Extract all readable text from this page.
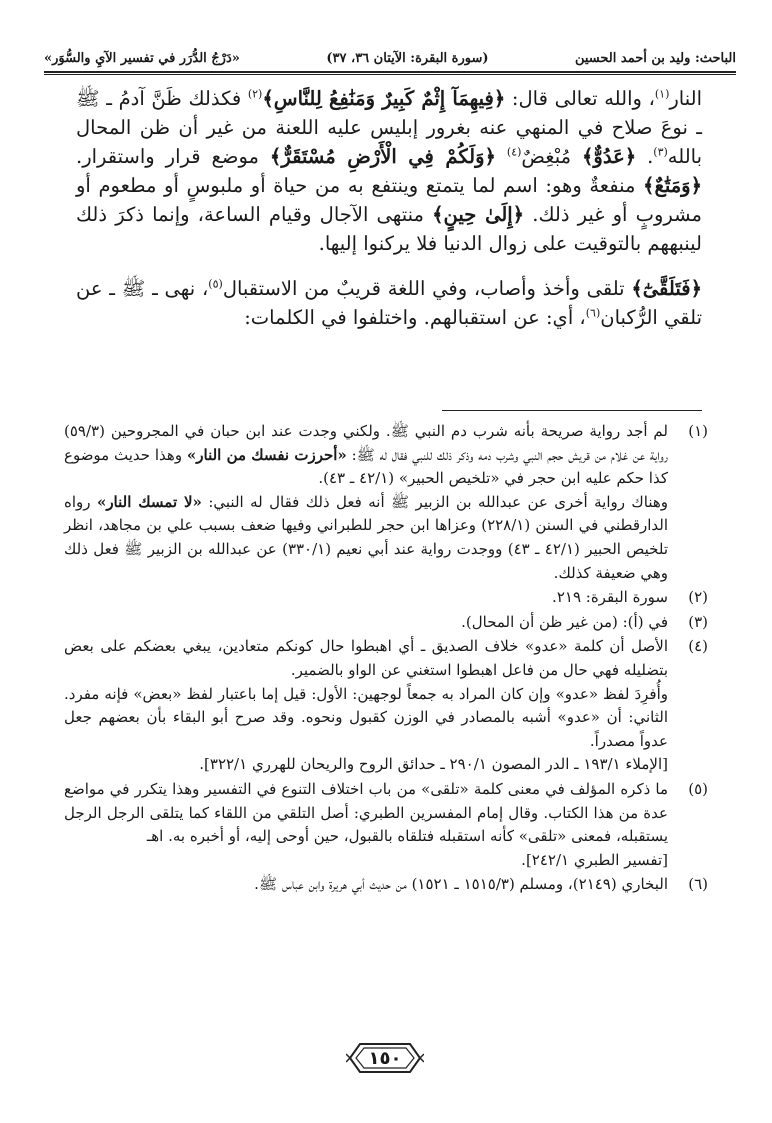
الباحث: وليد بن أحمد الحسين
(سورة البقرة: الآيتان ٣٦، ٣٧)
«دَرْجُ الدُّرَر في تفسير الآيِ والسُّوَر»

النار$^{(١)}$، والله تعالى قال: ﴿فِيهِمَآ إِثْمٌ كَبِيرٌ وَمَنَٰفِعُ لِلنَّاسِ﴾$^{(٢)}$ فكذلك ظَنَّ آدمُ ـ ﷺ ـ نوعَ صلاح في المنهي عنه بغرور إبليس عليه اللعنة من غير أن ظن المحال بالله$^{(٣)}$. ﴿عَدُوٌّ﴾ مُبْغِضٌ$^{(٤)}$ ﴿وَلَكُمْ فِي الْأَرْضِ مُسْتَقَرٌّ﴾ موضع قرار واستقرار. ﴿وَمَتَٰعٌ﴾ منفعةٌ وهو: اسم لما يتمتع وينتفع به من حياة أو ملبوسٍ أو مطعوم أو مشروبٍ أو غير ذلك. ﴿إِلَىٰ حِينٍ﴾ منتهى الآجال وقيام الساعة، وإنما ذكرَ ذلك لينبههم بالتوقيت على زوال الدنيا فلا يركنوا إليها.

﴿فَتَلَقَّىٰٓ﴾ تلقى وأخذ وأصاب، وفي اللغة قريبٌ من الاستقبال$^{(٥)}$، نهى ـ ﷺ ـ عن تلقي الرُّكبان$^{(٦)}$، أي: عن استقبالهم. واختلفوا في الكلمات:

(١)

لم أجد رواية صريحة بأنه شرب دم النبي ﷺ. ولكني وجدت عند ابن حبان في المجروحين (٥٩/٣) رواية عن غلام من قريش حجم النبي وشرب دمه وذكر ذلك للنبي فقال له ﷺ: «أحرزت نفسك من النار» وهذا حديث موضوع كذا حكم عليه ابن حجر في «تلخيص الحبير» (٤٢/١ ـ ٤٣).

وهناك رواية أخرى عن عبدالله بن الزبير ﷺ أنه فعل ذلك فقال له النبي: «لا تمسك النار» رواه الدارقطني في السنن (٢٢٨/١) وعزاها ابن حجر للطبراني وفيها ضعف بسبب علي بن مجاهد، انظر تلخيص الحبير (٤٢/١ ـ ٤٣) ووجدت رواية عند أبي نعيم (٣٣٠/١) عن عبدالله بن الزبير ﷺ فعل ذلك وهي ضعيفة كذلك.

(٢)

سورة البقرة: ٢١٩.

(٣)

في (أ): (من غير ظن أن المحال).

(٤)

الأصل أن كلمة «عدو» خلاف الصديق ـ أي اهبطوا حال كونكم متعادين، يبغي بعضكم على بعض بتضليله فهي حال من فاعل اهبطوا استغني عن الواو بالضمير.

وأُفرِدَ لفظ «عدو» وإن كان المراد به جمعاً لوجهين: الأول: قيل إما باعتبار لفظ «بعض» فإنه مفرد. الثاني: أن «عدو» أشبه بالمصادر في الوزن كقبول ونحوه. وقد صرح أبو البقاء بأن بعضهم جعل عدواً مصدراً.

[الإملاء ١٩٣/١ ـ الدر المصون ٢٩٠/١ ـ حدائق الروح والريحان للهرري ٣٢٢/١].

(٥)

ما ذكره المؤلف في معنى كلمة «تلقى» من باب اختلاف التنوع في التفسير وهذا يتكرر في مواضع عدة من هذا الكتاب. وقال إمام المفسرين الطبري: أصل التلقي من اللقاء كما يتلقى الرجل الرجل يستقبله، فمعنى «تلقى» كأنه استقبله فتلقاه بالقبول، حين أوحى إليه، أو أخبره به. اهـ

[تفسير الطبري ٢٤٢/١].

(٦)

البخاري (٢١٤٩)، ومسلم (١٥١٥/٣ ـ ١٥٢١) من حديث أبي هريرة وابن عباس ﷺ.

١٥٠
